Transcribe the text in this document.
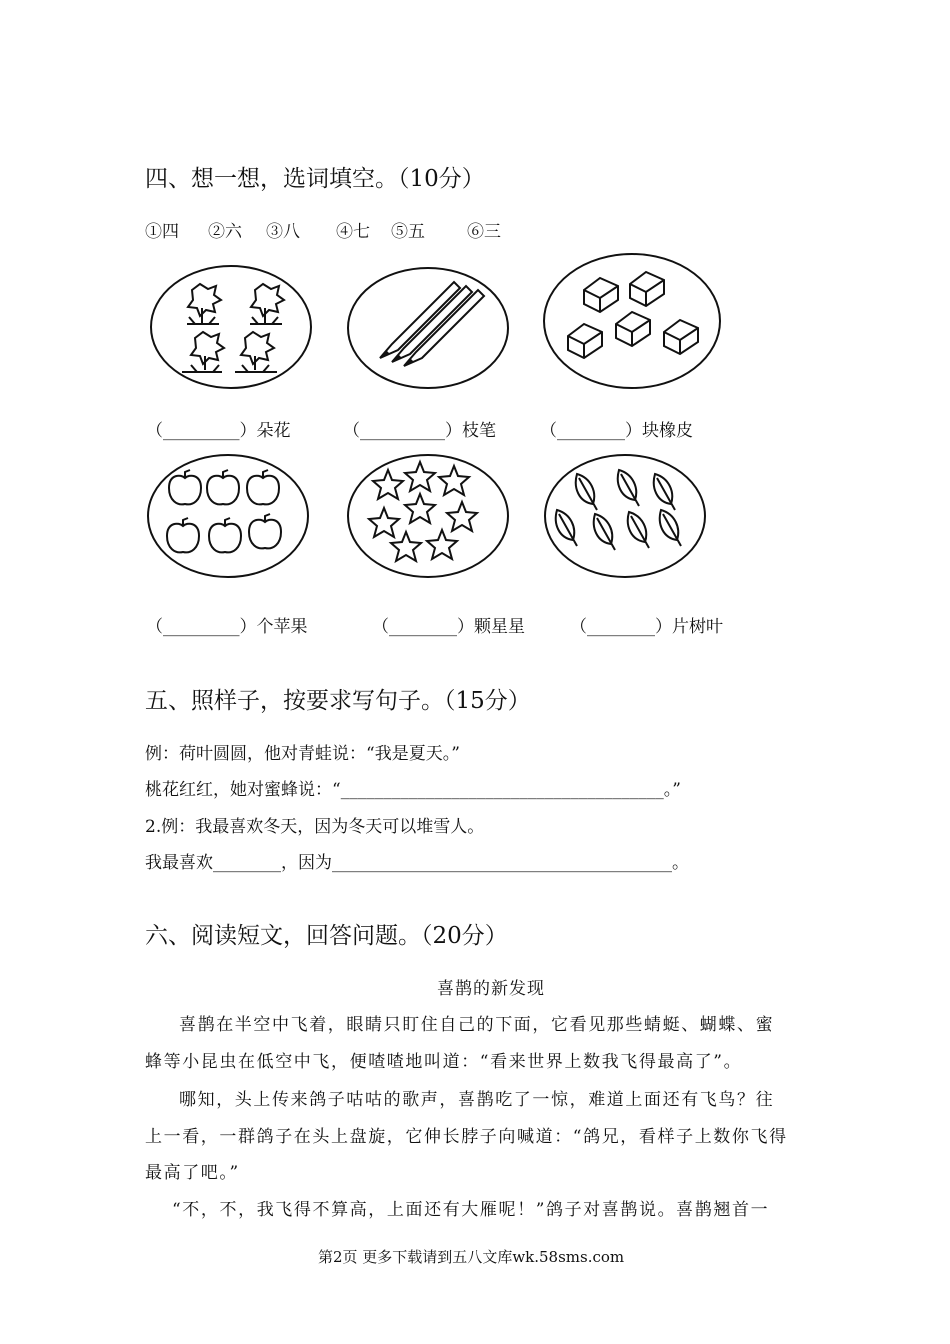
四、想一想，选词填空。（10分）
①四 ②六 ③八 ④七 ⑤五 ⑥三
（_________）朵花	（__________）枝笔	（________）块橡皮
（_________）个苹果	（________）颗星星	（________）片树叶
五、照样子，按要求写句子。（15分）
例：荷叶圆圆，他对青蛙说：“我是夏天。”
桃花红红，她对蜜蜂说：“______________________________________。”
2.例：我最喜欢冬天，因为冬天可以堆雪人。
我最喜欢________，因为________________________________________。
六、阅读短文，回答问题。（20分）
喜鹊的新发现
喜鹊在半空中飞着，眼睛只盯住自己的下面，它看见那些蜻蜓、蝴蝶、蜜
蜂等小昆虫在低空中飞，便喳喳地叫道：“看来世界上数我飞得最高了”。
哪知，头上传来鸽子咕咕的歌声，喜鹊吃了一惊，难道上面还有飞鸟？往
上一看，一群鸽子在头上盘旋，它伸长脖子向喊道：“鸽兄，看样子上数你飞得
最高了吧。”
“不，不，我飞得不算高，上面还有大雁呢！”鸽子对喜鹊说。喜鹊翘首一
第2页 更多下载请到五八文库wk.58sms.com
